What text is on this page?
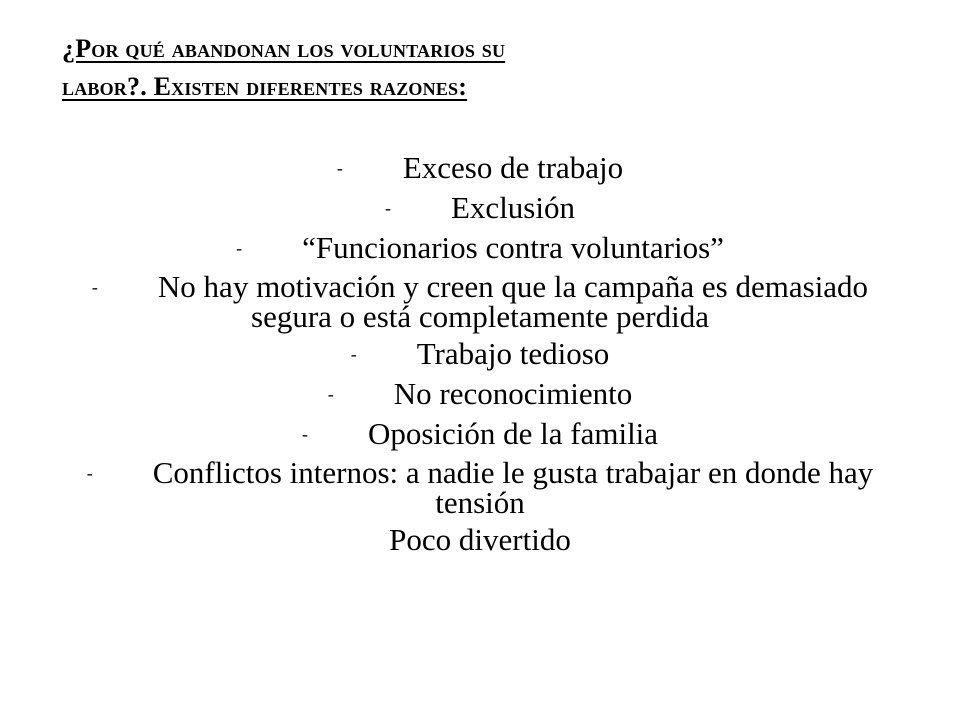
¿Por qué abandonan los voluntarios su
labor?. Existen diferentes razones:
- Exceso de trabajo
- Exclusión
- “Funcionarios contra voluntarios”
- No hay motivación y creen que la campaña es demasiado segura o está completamente perdida
- Trabajo tedioso
- No reconocimiento
- Oposición de la familia
- Conflictos internos: a nadie le gusta trabajar en donde hay tensión
Poco divertido
